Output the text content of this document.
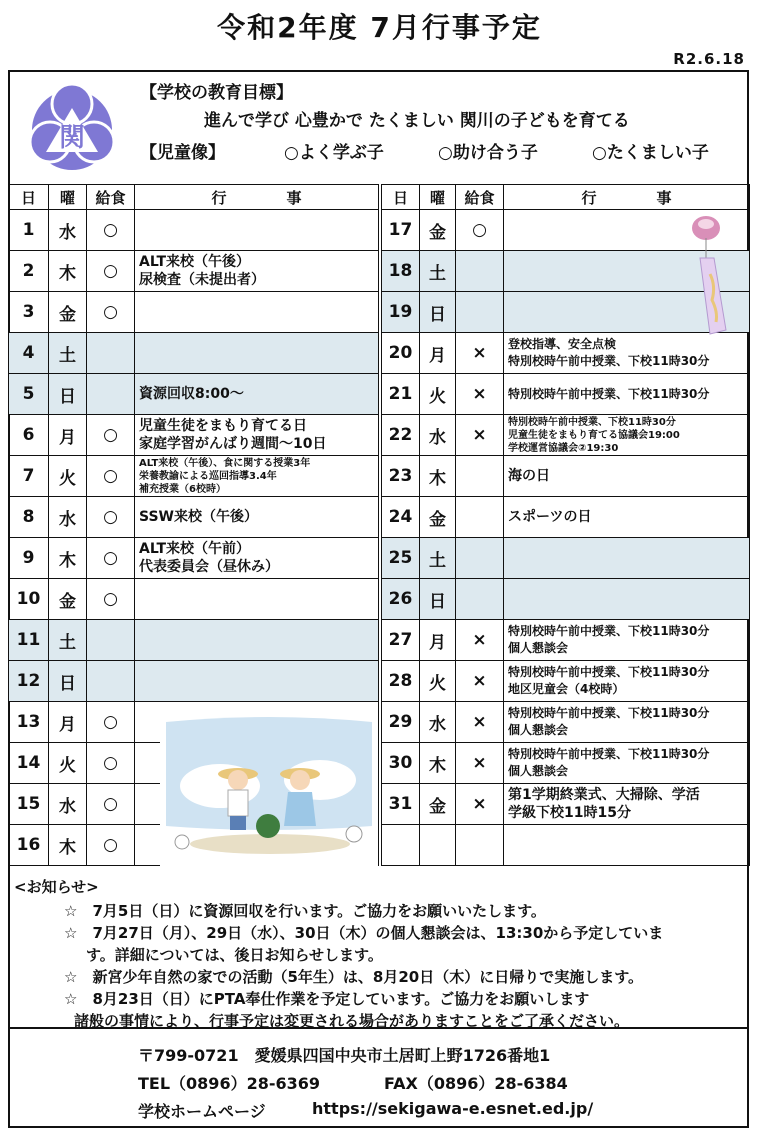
令和2年度 7月行事予定
R2.6.18
関
【学校の教育目標】
進んで学び 心豊かで たくましい 関川の子どもを育てる
【児童像】	○よく学ぶ子	○助け合う子	○たくましい子
日	曜	給食	行　　　　事
1	水	○	

2	木	○	ALT来校（午後）
尿検査（未提出者）

3	金	○	

4	土		

5	日		資源回収8:00～

6	月	○	児童生徒をまもり育てる日
家庭学習がんばり週間～10日

7	火	○	ALT来校（午後）、食に関する授業3年
栄養教諭による巡回指導3.4年
補充授業（6校時）

8	水	○	SSW来校（午後）

9	木	○	ALT来校（午前）
代表委員会（昼休み）

10	金	○	

11	土		

12	日		

13	月	○	

14	火	○	

15	水	○	

16	木	○	
日	曜	給食	行　　　　事
17	金	○	

18	土		

19	日		

20	月	×	登校指導、安全点検
特別校時午前中授業、下校11時30分

21	火	×	特別校時午前中授業、下校11時30分

22	水	×	特別校時午前中授業、下校11時30分
児童生徒をまもり育てる協議会19:00
学校運営協議会②19:30

23	木		海の日

24	金		スポーツの日

25	土		

26	日		

27	月	×	特別校時午前中授業、下校11時30分
個人懇談会

28	火	×	特別校時午前中授業、下校11時30分
地区児童会（4校時）

29	水	×	特別校時午前中授業、下校11時30分
個人懇談会

30	木	×	特別校時午前中授業、下校11時30分
個人懇談会

31	金	×	第1学期終業式、大掃除、学活
学級下校11時15分

<お知らせ>
☆　7月5日（日）に資源回収を行います。ご協力をお願いいたします。
☆　7月27日（月）、29日（水）、30日（木）の個人懇談会は、13:30から予定していま
す。詳細については、後日お知らせします。
☆　新宮少年自然の家での活動（5年生）は、8月20日（木）に日帰りで実施します。
☆　8月23日（日）にPTA奉仕作業を予定しています。ご協力をお願いします
諸般の事情により、行事予定は変更される場合がありますことをご了承ください。
〒799-0721　愛媛県四国中央市土居町上野1726番地1
TEL（0896）28-6369	FAX（0896）28-6384
学校ホームページ	https://sekigawa-e.esnet.ed.jp/
